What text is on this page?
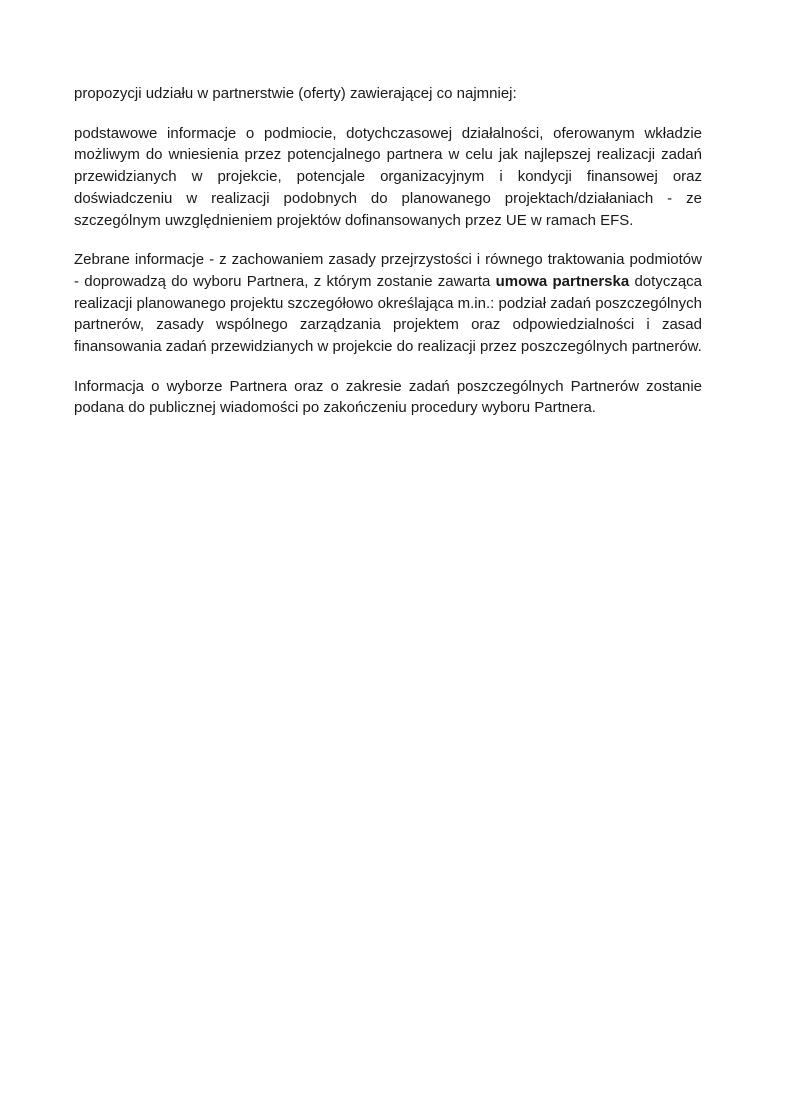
propozycji udziału w partnerstwie (oferty) zawierającej co najmniej:

podstawowe informacje o podmiocie, dotychczasowej działalności, oferowanym wkładzie możliwym do wniesienia przez potencjalnego partnera w celu jak najlepszej realizacji zadań przewidzianych w projekcie, potencjale organizacyjnym i kondycji finansowej oraz doświadczeniu w realizacji podobnych do planowanego projektach/działaniach - ze szczególnym uwzględnieniem projektów dofinansowanych przez UE w ramach EFS.

Zebrane informacje - z zachowaniem zasady przejrzystości i równego traktowania podmiotów - doprowadzą do wyboru Partnera, z którym zostanie zawarta umowa partnerska dotycząca realizacji planowanego projektu szczegółowo określająca m.in.: podział zadań poszczególnych partnerów, zasady wspólnego zarządzania projektem oraz odpowiedzialności i zasad finansowania zadań przewidzianych w projekcie do realizacji przez poszczególnych partnerów.

Informacja o wyborze Partnera oraz o zakresie zadań poszczególnych Partnerów zostanie podana do publicznej wiadomości po zakończeniu procedury wyboru Partnera.
